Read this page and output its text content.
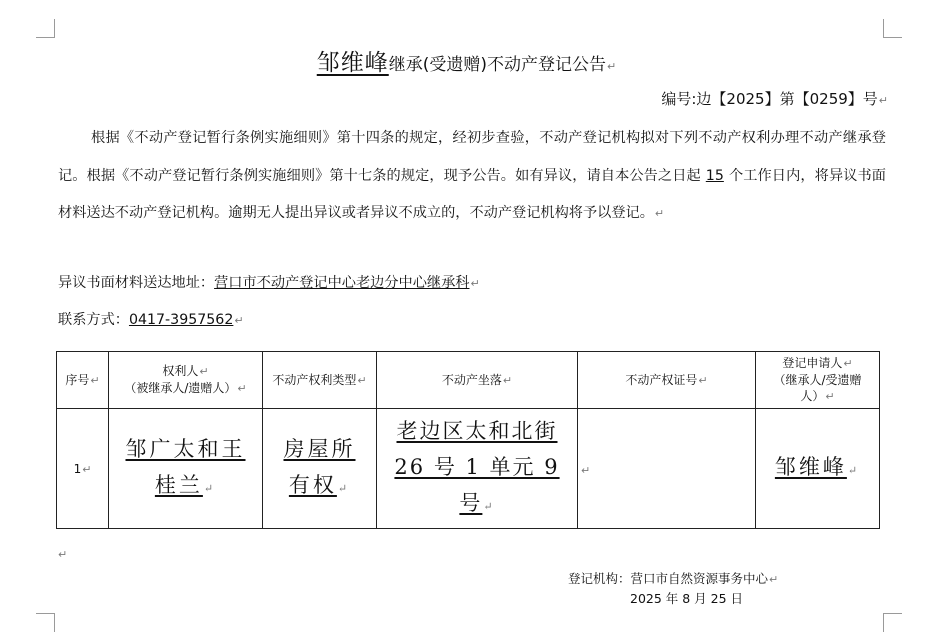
邹维峰继承(受遗赠)不动产登记公告↵
编号:边【2025】第【0259】号↵
根据《不动产登记暂行条例实施细则》第十四条的规定，经初步查验，不动产登记机构拟对下列不动产权利办理不动产继承登记。根据《不动产登记暂行条例实施细则》第十七条的规定，现予公告。如有异议，请自本公告之日起 15 个工作日内，将异议书面材料送达不动产登记机构。逾期无人提出异议或者异议不成立的，不动产登记机构将予以登记。↵
异议书面材料送达地址：营口市不动产登记中心老边分中心继承科↵
联系方式：0417-3957562↵
序号↵	权利人↵
（被继承人/遗赠人）↵	不动产权利类型↵	不动产坐落↵	不动产权证号↵	登记申请人↵
（继承人/受遗赠
人）↵
1↵	邹广太和王
桂兰↵	房屋所
有权↵	老边区太和北街
26 号 1 单元 9 号↵	↵	邹维峰↵
↵
登记机构：营口市自然资源事务中心↵
2025 年 8 月 25 日
